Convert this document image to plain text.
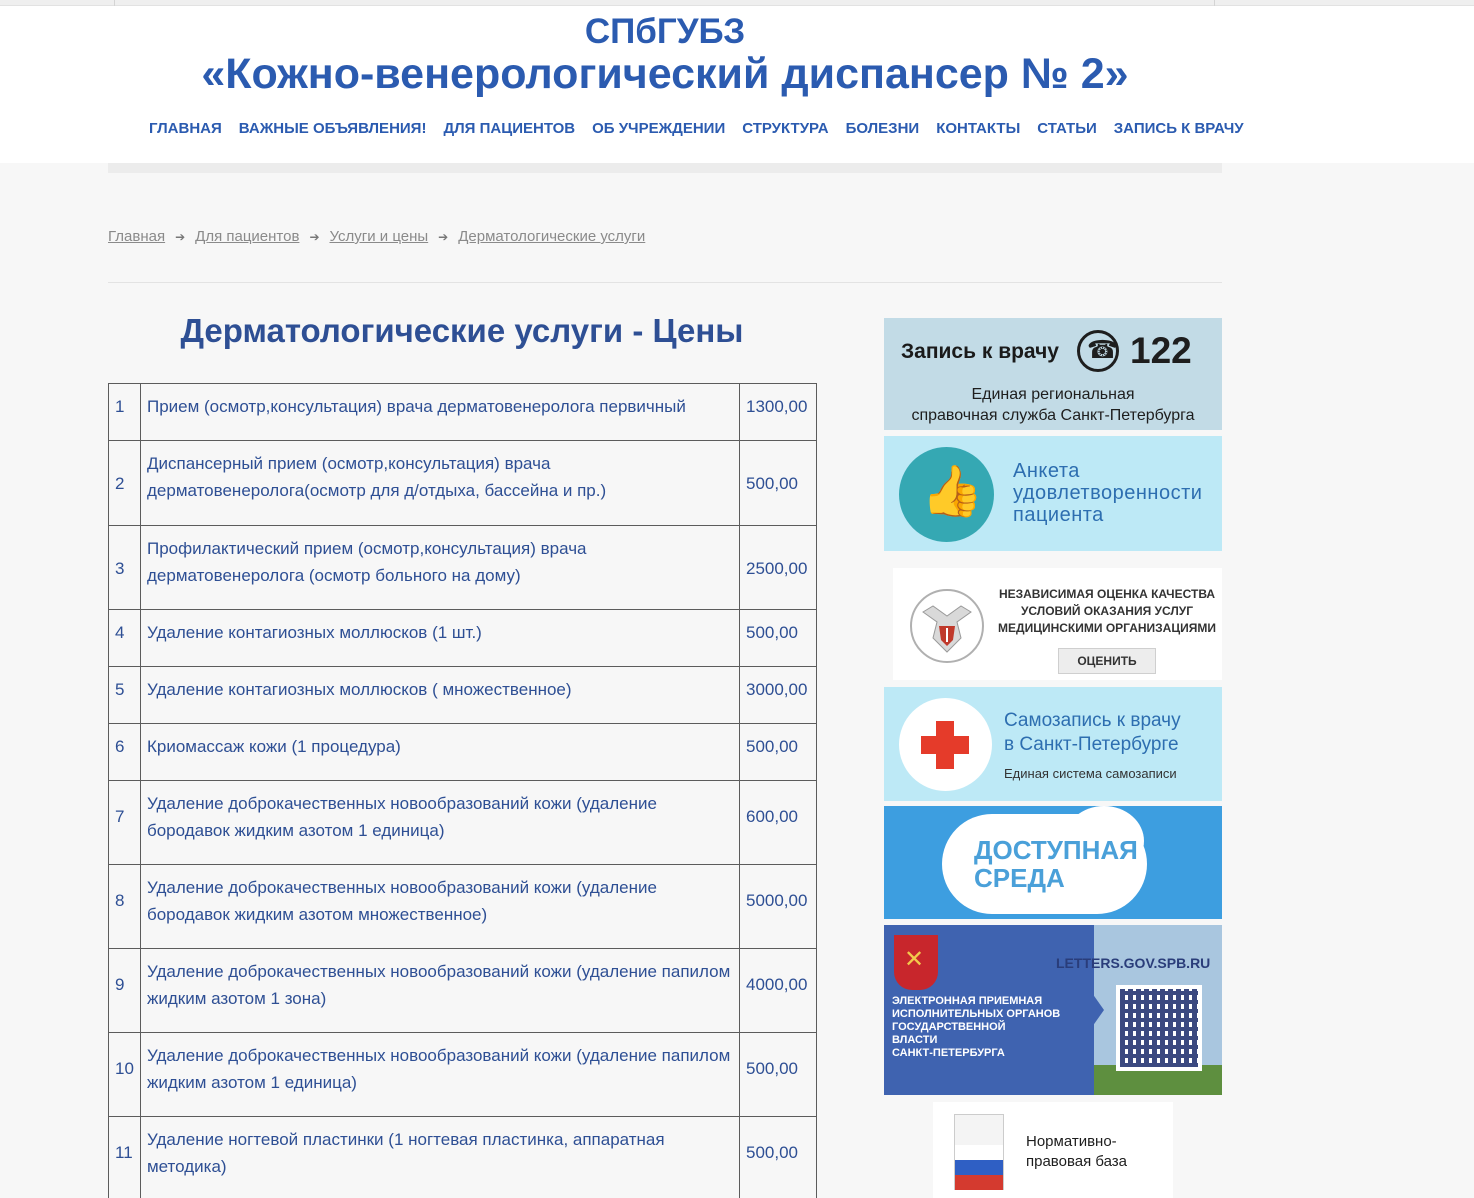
СПбГУБЗ
«Кожно-венерологический диспансер № 2»
ГЛАВНАЯ ВАЖНЫЕ ОБЪЯВЛЕНИЯ! ДЛЯ ПАЦИЕНТОВ ОБ УЧРЕЖДЕНИИ СТРУКТУРА БОЛЕЗНИ КОНТАКТЫ СТАТЬИ ЗАПИСЬ К ВРАЧУ
Главная ➔ Для пациентов ➔ Услуги и цены ➔ Дерматологические услуги
Дерматологические услуги - Цены
1	Прием (осмотр,консультация) врача дерматовенеролога первичный	1300,00
2	Диспансерный прием (осмотр,консультация) врача дерматовенеролога(осмотр для д/отдыха, бассейна и пр.)	500,00
3	Профилактический прием (осмотр,консультация) врача дерматовенеролога (осмотр больного на дому)	2500,00
4	Удаление контагиозных моллюсков (1 шт.)	500,00
5	Удаление контагиозных моллюсков ( множественное)	3000,00
6	Криомассаж кожи (1 процедура)	500,00
7	Удаление доброкачественных новообразований кожи (удаление бородавок жидким азотом 1 единица)	600,00
8	Удаление доброкачественных новообразований кожи (удаление бородавок жидким азотом множественное)	5000,00
9	Удаление доброкачественных новообразований кожи (удаление папилом жидким азотом 1 зона)	4000,00
10	Удаление доброкачественных новообразований кожи (удаление папилом жидким азотом 1 единица)	500,00
11	Удаление ногтевой пластинки (1 ногтевая пластинка, аппаратная методика)	500,00
Запись к врачу ☎ 122
Единая региональная
справочная служба Санкт-Петербурга
👍 Анкета
удовлетворенности
пациента
НЕЗАВИСИМАЯ ОЦЕНКА КАЧЕСТВА
УСЛОВИЙ ОКАЗАНИЯ УСЛУГ
МЕДИЦИНСКИМИ ОРГАНИЗАЦИЯМИ
ОЦЕНИТЬ
Самозапись к врачу
в Санкт-Петербурге
Единая система самозаписи
ДОСТУПНАЯ
СРЕДА
✕
LETTERS.GOV.SPB.RU
ЭЛЕКТРОННАЯ ПРИЕМНАЯ
ИСПОЛНИТЕЛЬНЫХ ОРГАНОВ
ГОСУДАРСТВЕННОЙ
ВЛАСТИ
САНКТ-ПЕТЕРБУРГА
Нормативно-
правовая база
